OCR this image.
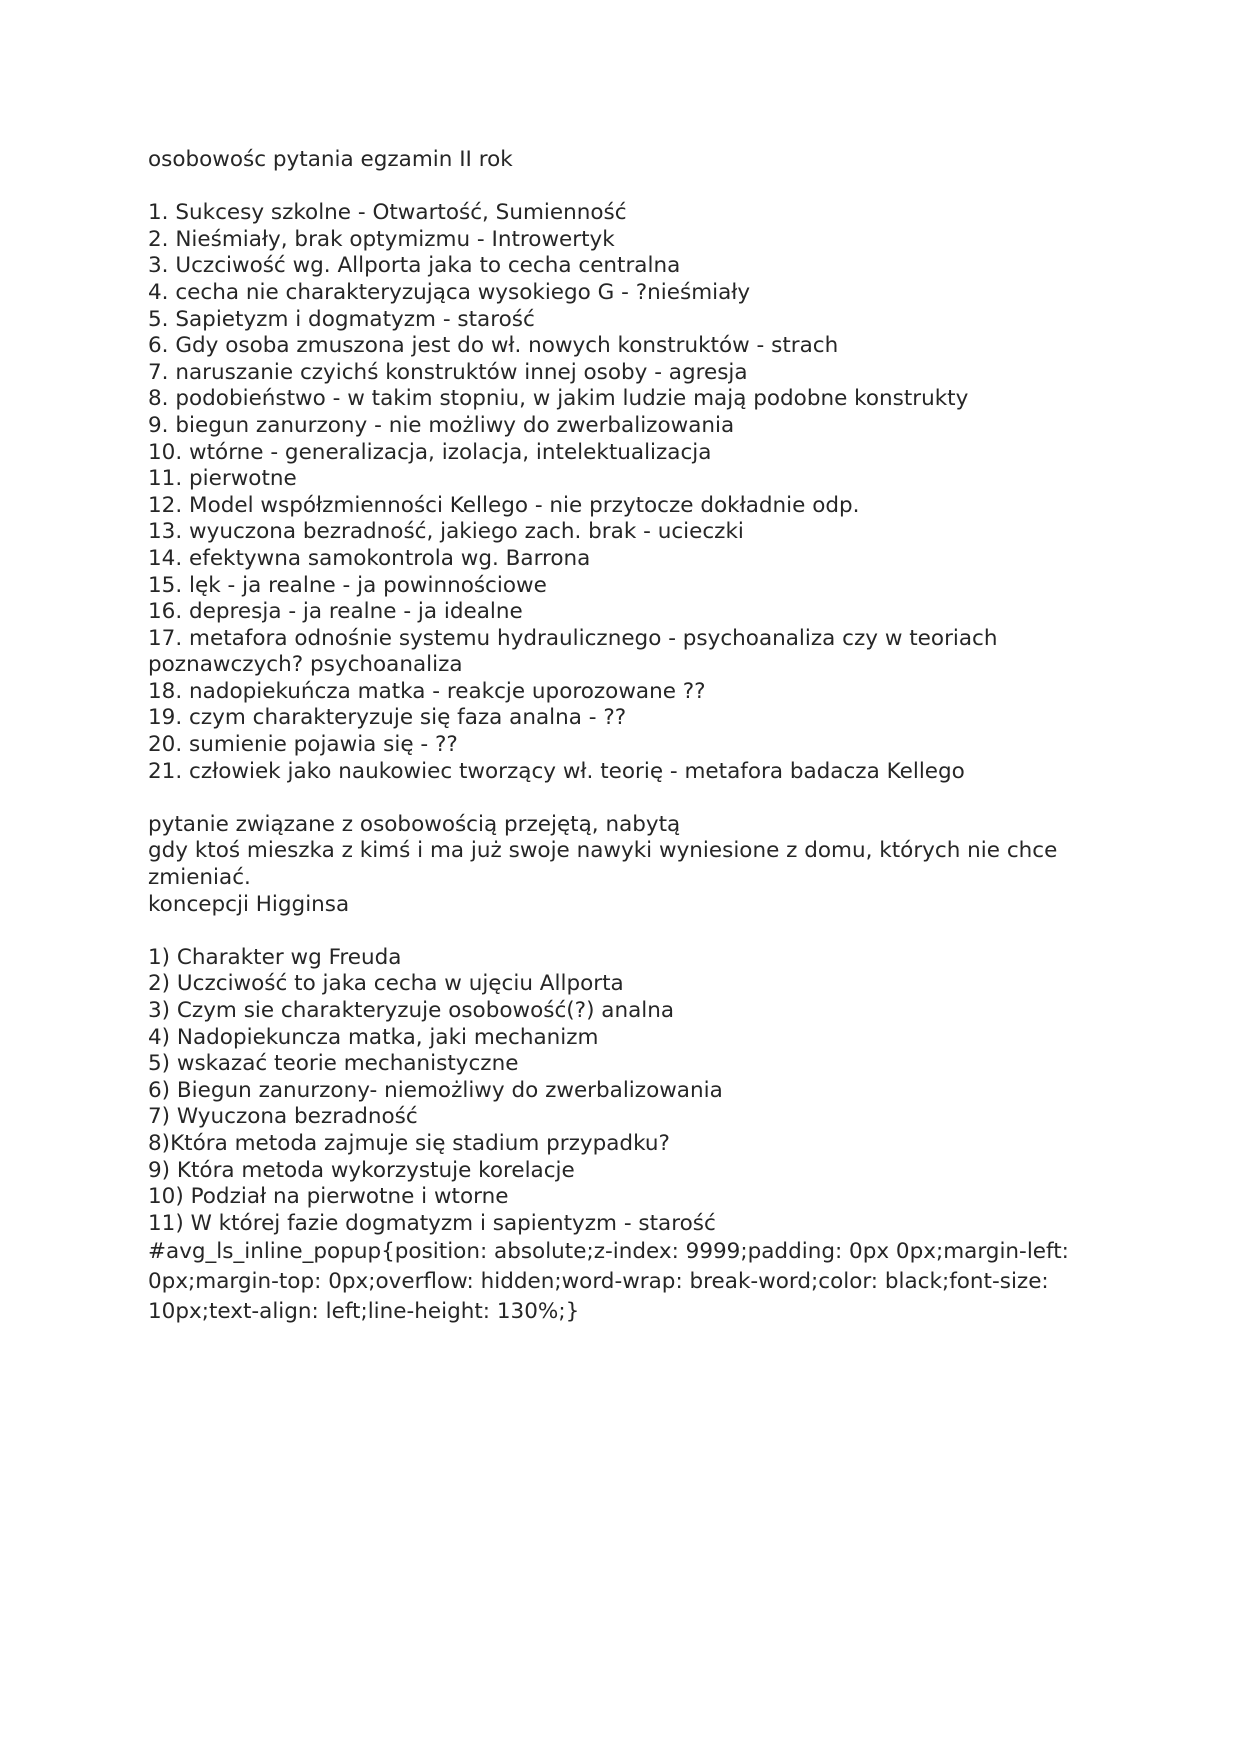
osobowośc pytania egzamin II rok
1. Sukcesy szkolne - Otwartość, Sumienność
2. Nieśmiały, brak optymizmu - Introwertyk
3. Uczciwość wg. Allporta jaka to cecha centralna
4. cecha nie charakteryzująca wysokiego G - ?nieśmiały
5. Sapietyzm i dogmatyzm - starość
6. Gdy osoba zmuszona jest do wł. nowych konstruktów - strach
7. naruszanie czyichś konstruktów innej osoby - agresja
8. podobieństwo - w takim stopniu, w jakim ludzie mają podobne konstrukty
9. biegun zanurzony - nie możliwy do zwerbalizowania
10. wtórne - generalizacja, izolacja, intelektualizacja
11. pierwotne
12. Model współzmienności Kellego - nie przytocze dokładnie odp.
13. wyuczona bezradność, jakiego zach. brak - ucieczki
14. efektywna samokontrola wg. Barrona
15. lęk - ja realne - ja powinnościowe
16. depresja - ja realne - ja idealne
17. metafora odnośnie systemu hydraulicznego - psychoanaliza czy w teoriach poznawczych? psychoanaliza
18. nadopiekuńcza matka - reakcje uporozowane ??
19. czym charakteryzuje się faza analna - ??
20. sumienie pojawia się - ??
21. człowiek jako naukowiec tworzący wł. teorię - metafora badacza Kellego
pytanie związane z osobowością przejętą, nabytą
gdy ktoś mieszka z kimś i ma już swoje nawyki wyniesione z domu, których nie chce zmieniać.
koncepcji Higginsa
1) Charakter wg Freuda
2) Uczciwość to jaka cecha w ujęciu Allporta
3) Czym sie charakteryzuje osobowość(?) analna
4) Nadopiekuncza matka, jaki mechanizm
5) wskazać teorie mechanistyczne
6) Biegun zanurzony- niemożliwy do zwerbalizowania
7) Wyuczona bezradność
8)Która metoda zajmuje się stadium przypadku?
9) Która metoda wykorzystuje korelacje
10) Podział na pierwotne i wtorne
11) W której fazie dogmatyzm i sapientyzm - starość
#avg_ls_inline_popup{position: absolute;z-index: 9999;padding: 0px 0px;margin-left: 0px;margin-top: 0px;overflow: hidden;word-wrap: break-word;color: black;font-size: 10px;text-align: left;line-height: 130%;}
